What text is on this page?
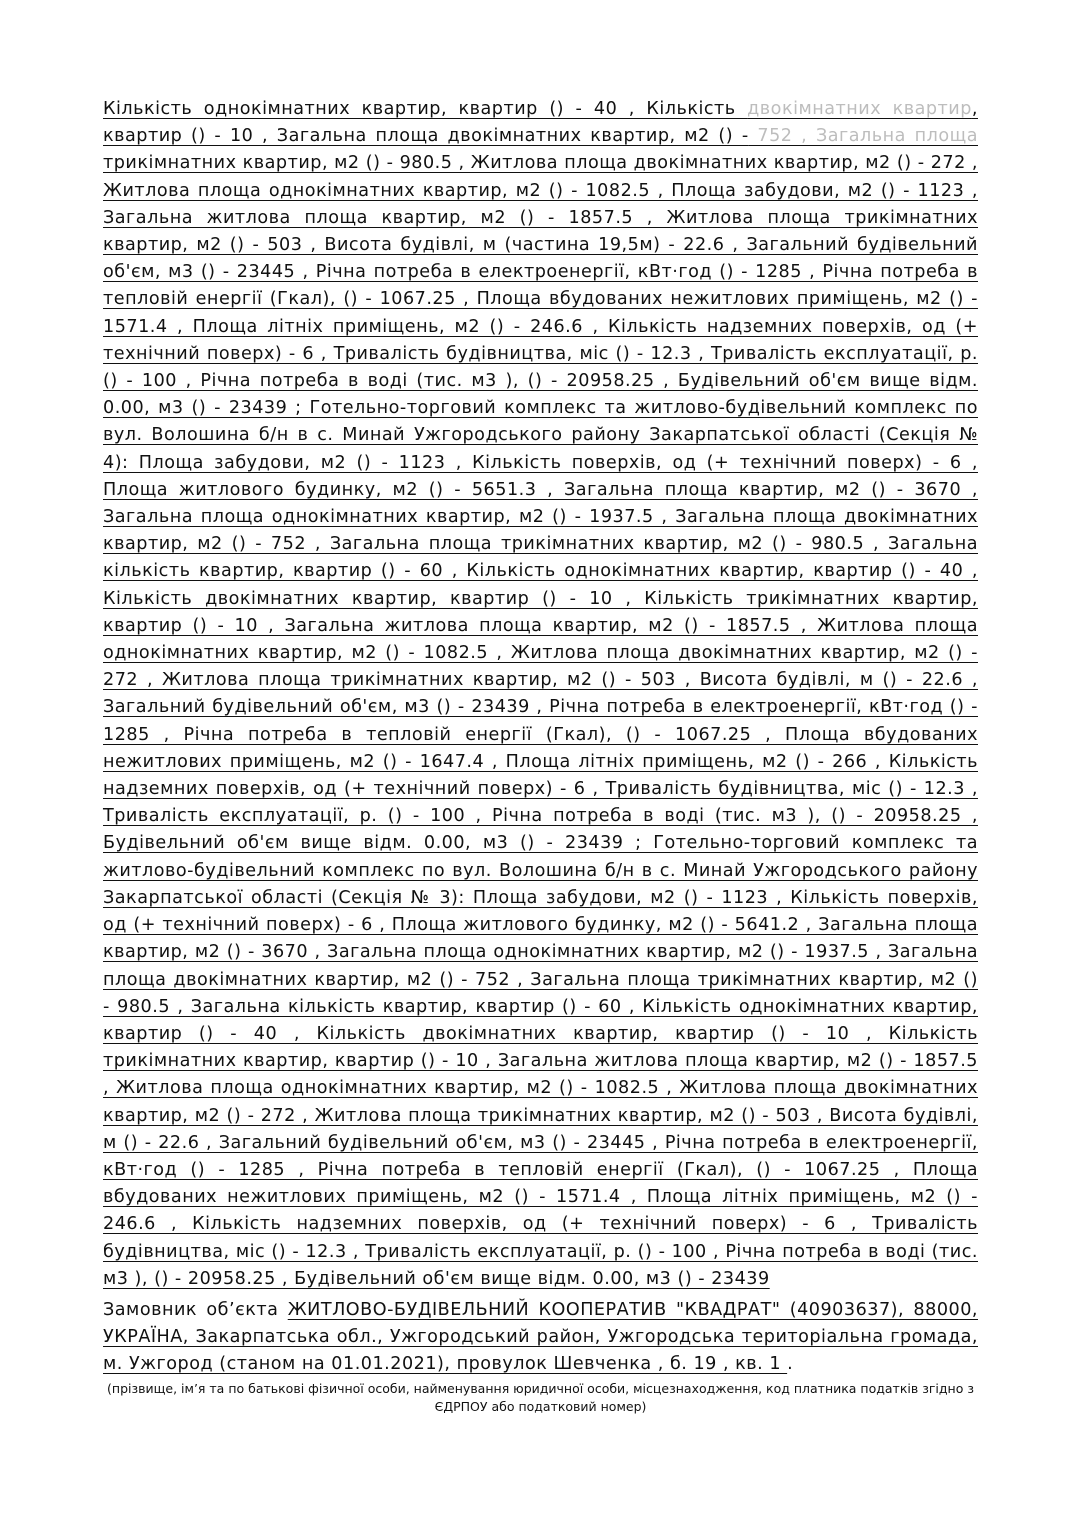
Кількість однокімнатних квартир, квартир () - 40 , Кількість двокімнатних квартир, квартир () - 10 , Загальна площа двокімнатних квартир, м2 () - 752 , Загальна площа трикімнатних квартир, м2 () - 980.5 , Житлова площа двокімнатних квартир, м2 () - 272 , Житлова площа однокімнатних квартир, м2 () - 1082.5 , Площа забудови, м2 () - 1123 , Загальна житлова площа квартир, м2 () - 1857.5 , Житлова площа трикімнатних квартир, м2 () - 503 , Висота будівлі, м (частина 19,5м) - 22.6 , Загальний будівельний об'єм, м3 () - 23445 , Річна потреба в електроенергії, кВт·год () - 1285 , Річна потреба в тепловій енергії (Гкал), () - 1067.25 , Площа вбудованих нежитлових приміщень, м2 () - 1571.4 , Площа літніх приміщень, м2 () - 246.6 , Кількість надземних поверхів, од (+ технічний поверх) - 6 , Тривалість будівництва, міс () - 12.3 , Тривалість експлуатації, р. () - 100 , Річна потреба в воді (тис. м3 ), () - 20958.25 , Будівельний об'єм вище відм. 0.00, м3 () - 23439 ; Готельно-торговий комплекс та житлово-будівельний комплекс по вул. Волошина б/н в с. Минай Ужгородського району Закарпатської області (Секція № 4): Площа забудови, м2 () - 1123 , Кількість поверхів, од (+ технічний поверх) - 6 , Площа житлового будинку, м2 () - 5651.3 , Загальна площа квартир, м2 () - 3670 , Загальна площа однокімнатних квартир, м2 () - 1937.5 , Загальна площа двокімнатних квартир, м2 () - 752 , Загальна площа трикімнатних квартир, м2 () - 980.5 , Загальна кількість квартир, квартир () - 60 , Кількість однокімнатних квартир, квартир () - 40 , Кількість двокімнатних квартир, квартир () - 10 , Кількість трикімнатних квартир, квартир () - 10 , Загальна житлова площа квартир, м2 () - 1857.5 , Житлова площа однокімнатних квартир, м2 () - 1082.5 , Житлова площа двокімнатних квартир, м2 () - 272 , Житлова площа трикімнатних квартир, м2 () - 503 , Висота будівлі, м () - 22.6 , Загальний будівельний об'єм, м3 () - 23439 , Річна потреба в електроенергії, кВт·год () - 1285 , Річна потреба в тепловій енергії (Гкал), () - 1067.25 , Площа вбудованих нежитлових приміщень, м2 () - 1647.4 , Площа літніх приміщень, м2 () - 266 , Кількість надземних поверхів, од (+ технічний поверх) - 6 , Тривалість будівництва, міс () - 12.3 , Тривалість експлуатації, р. () - 100 , Річна потреба в воді (тис. м3 ), () - 20958.25 , Будівельний об'єм вище відм. 0.00, м3 () - 23439 ; Готельно-торговий комплекс та житлово-будівельний комплекс по вул. Волошина б/н в с. Минай Ужгородського району Закарпатської області (Секція № 3): Площа забудови, м2 () - 1123 , Кількість поверхів, од (+ технічний поверх) - 6 , Площа житлового будинку, м2 () - 5641.2 , Загальна площа квартир, м2 () - 3670 , Загальна площа однокімнатних квартир, м2 () - 1937.5 , Загальна площа двокімнатних квартир, м2 () - 752 , Загальна площа трикімнатних квартир, м2 () - 980.5 , Загальна кількість квартир, квартир () - 60 , Кількість однокімнатних квартир, квартир () - 40 , Кількість двокімнатних квартир, квартир () - 10 , Кількість трикімнатних квартир, квартир () - 10 , Загальна житлова площа квартир, м2 () - 1857.5 , Житлова площа однокімнатних квартир, м2 () - 1082.5 , Житлова площа двокімнатних квартир, м2 () - 272 , Житлова площа трикімнатних квартир, м2 () - 503 , Висота будівлі, м () - 22.6 , Загальний будівельний об'єм, м3 () - 23445 , Річна потреба в електроенергії, кВт·год () - 1285 , Річна потреба в тепловій енергії (Гкал), () - 1067.25 , Площа вбудованих нежитлових приміщень, м2 () - 1571.4 , Площа літніх приміщень, м2 () - 246.6 , Кількість надземних поверхів, од (+ технічний поверх) - 6 , Тривалість будівництва, міс () - 12.3 , Тривалість експлуатації, р. () - 100 , Річна потреба в воді (тис. м3 ), () - 20958.25 , Будівельний об'єм вище відм. 0.00, м3 () - 23439

Замовник об’єкта ЖИТЛОВО-БУДІВЕЛЬНИЙ КООПЕРАТИВ "КВАДРАТ" (40903637), 88000, УКРАЇНА, Закарпатська обл., Ужгородський район, Ужгородська територіальна громада, м. Ужгород (станом на 01.01.2021), провулок Шевченка , б. 19 , кв. 1 .

(прізвище, ім’я та по батькові фізичної особи, найменування юридичної особи, місцезнаходження, код платника податків згідно з ЄДРПОУ або податковий номер)
